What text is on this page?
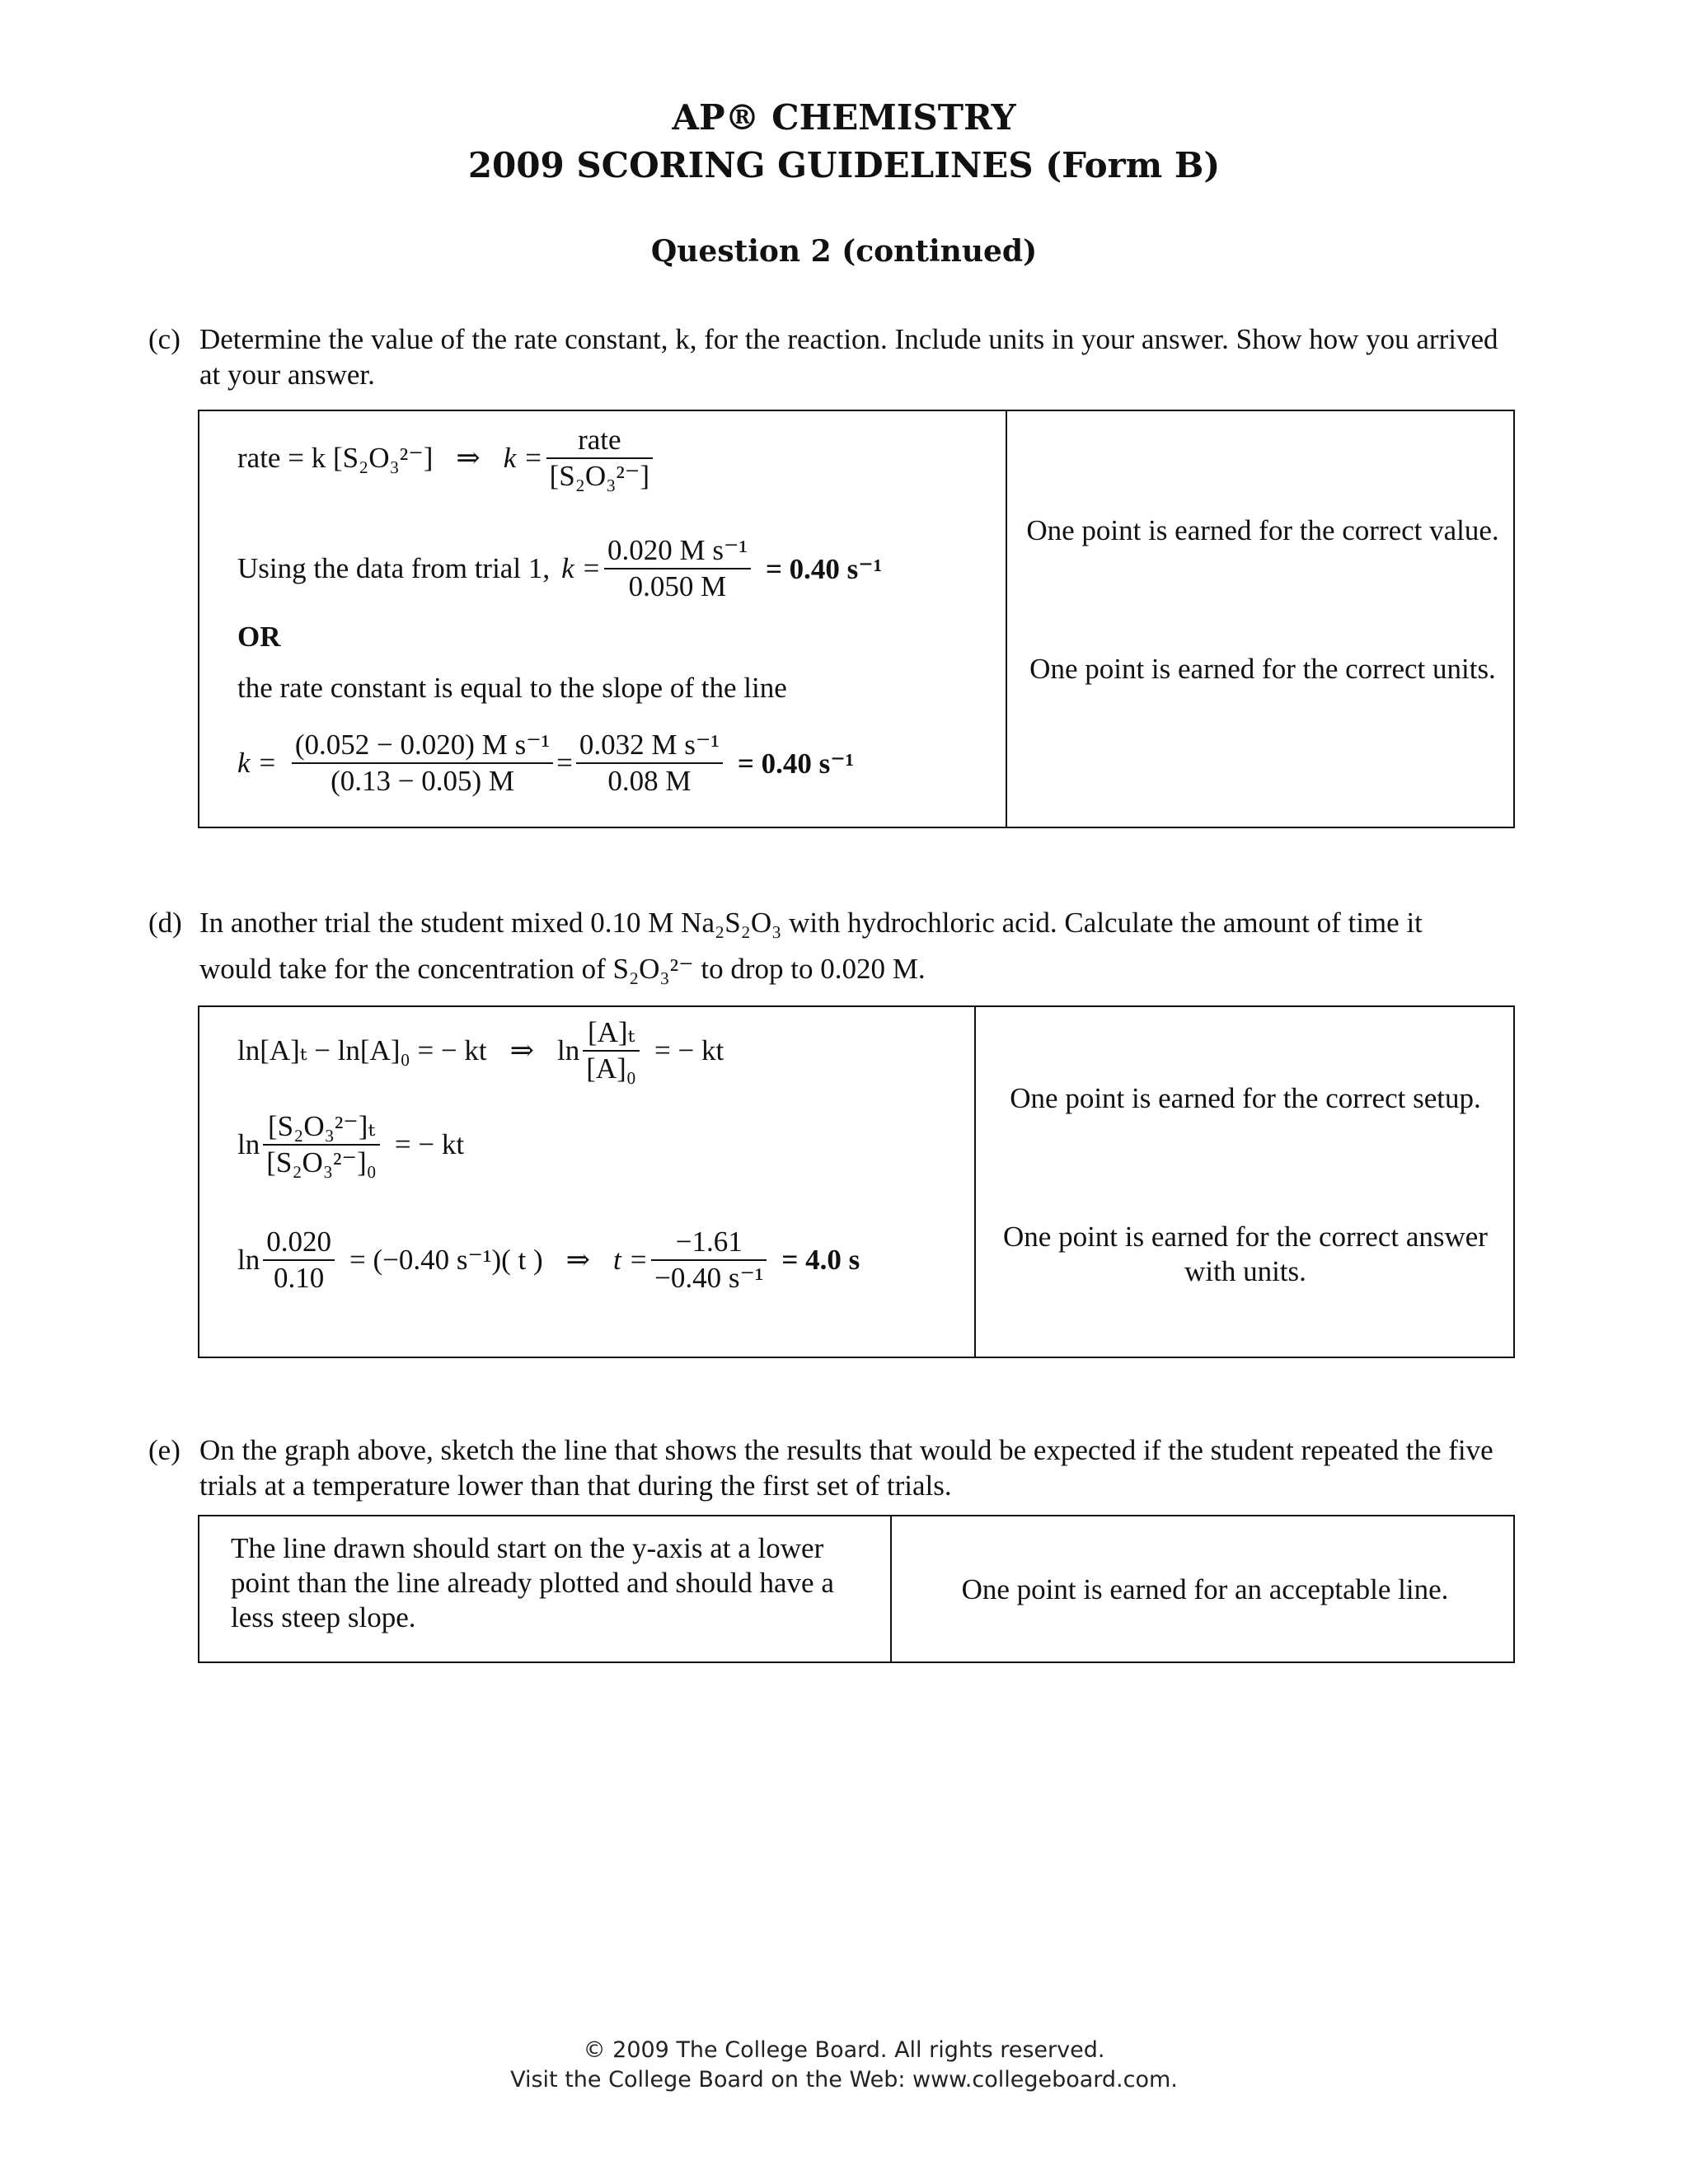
AP® CHEMISTRY
2009 SCORING GUIDELINES (Form B)
Question 2 (continued)
(c) Determine the value of the rate constant, k, for the reaction. Include units in your answer. Show how you arrived at your answer.
rate = k [S₂O₃²⁻] ⇒ $k = \frac{\text{rate}}{\text{[S₂O₃²⁻]}}$
Using the data from trial 1, $k = \frac{\text{0.020 M s⁻¹}}{0.050 M} = 0.40$ s⁻¹
OR
the rate constant is equal to the slope of the line
$k = \frac{\text{(0.052 − 0.020) M s⁻¹}}{(0.13 - 0.05) M} = \frac{\text{0.032 M s⁻¹}}{0.08 M} = 0.40$ s⁻¹
One point is earned for the correct value.
One point is earned for the correct units.
(d) In another trial the student mixed 0.10 M Na₂S₂O₃ with hydrochloric acid. Calculate the amount of time it
would take for the concentration of S₂O₃²⁻ to drop to 0.020 M.
ln[A]ₜ − ln[A]₀ = − kt ⇒ $\ln \frac{\text{[A]ₜ}}{\text{[A]₀}}$ = − kt
$\ln \frac{\text{[S₂O₃²⁻]ₜ}}{\text{[S₂O₃²⁻]₀}}$ = − kt
$\ln \frac{0.020}{0.10} = (-0.40$ s⁻¹)( t ) ⇒ $t = \frac{-1.61}{\text{−0.40 s⁻¹}} = 4.0$ s
One point is earned for the correct setup.
One point is earned for the correct answer with units.
(e) On the graph above, sketch the line that shows the results that would be expected if the student repeated the five trials at a temperature lower than that during the first set of trials.
The line drawn should start on the y-axis at a lower point than the line already plotted and should have a less steep slope.
One point is earned for an acceptable line.
© 2009 The College Board. All rights reserved.
Visit the College Board on the Web: www.collegeboard.com.
